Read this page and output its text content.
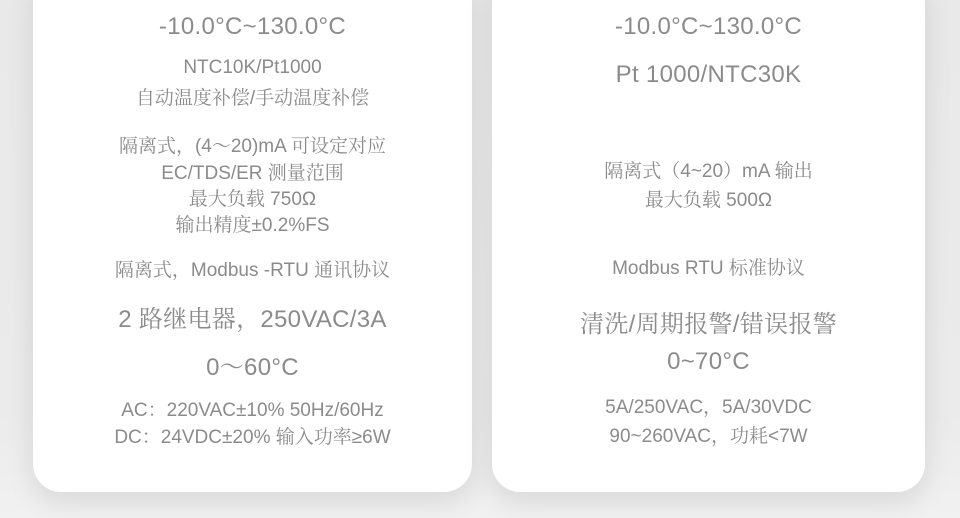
-10.0°C~130.0°C

NTC10K/Pt1000

自动温度补偿/手动温度补偿

隔离式，(4～20)mA 可设定对应

EC/TDS/ER 测量范围

最大负载 750Ω

输出精度±0.2%FS

隔离式，Modbus -RTU 通讯协议

2 路继电器，250VAC/3A

0～60°C

AC：220VAC±10% 50Hz/60Hz

DC：24VDC±20% 输入功率≥6W

-10.0°C~130.0°C

Pt 1000/NTC30K

隔离式（4~20）mA 输出

最大负载 500Ω

Modbus RTU 标准协议

清洗/周期报警/错误报警

0~70°C

5A/250VAC，5A/30VDC

90~260VAC，功耗<7W
